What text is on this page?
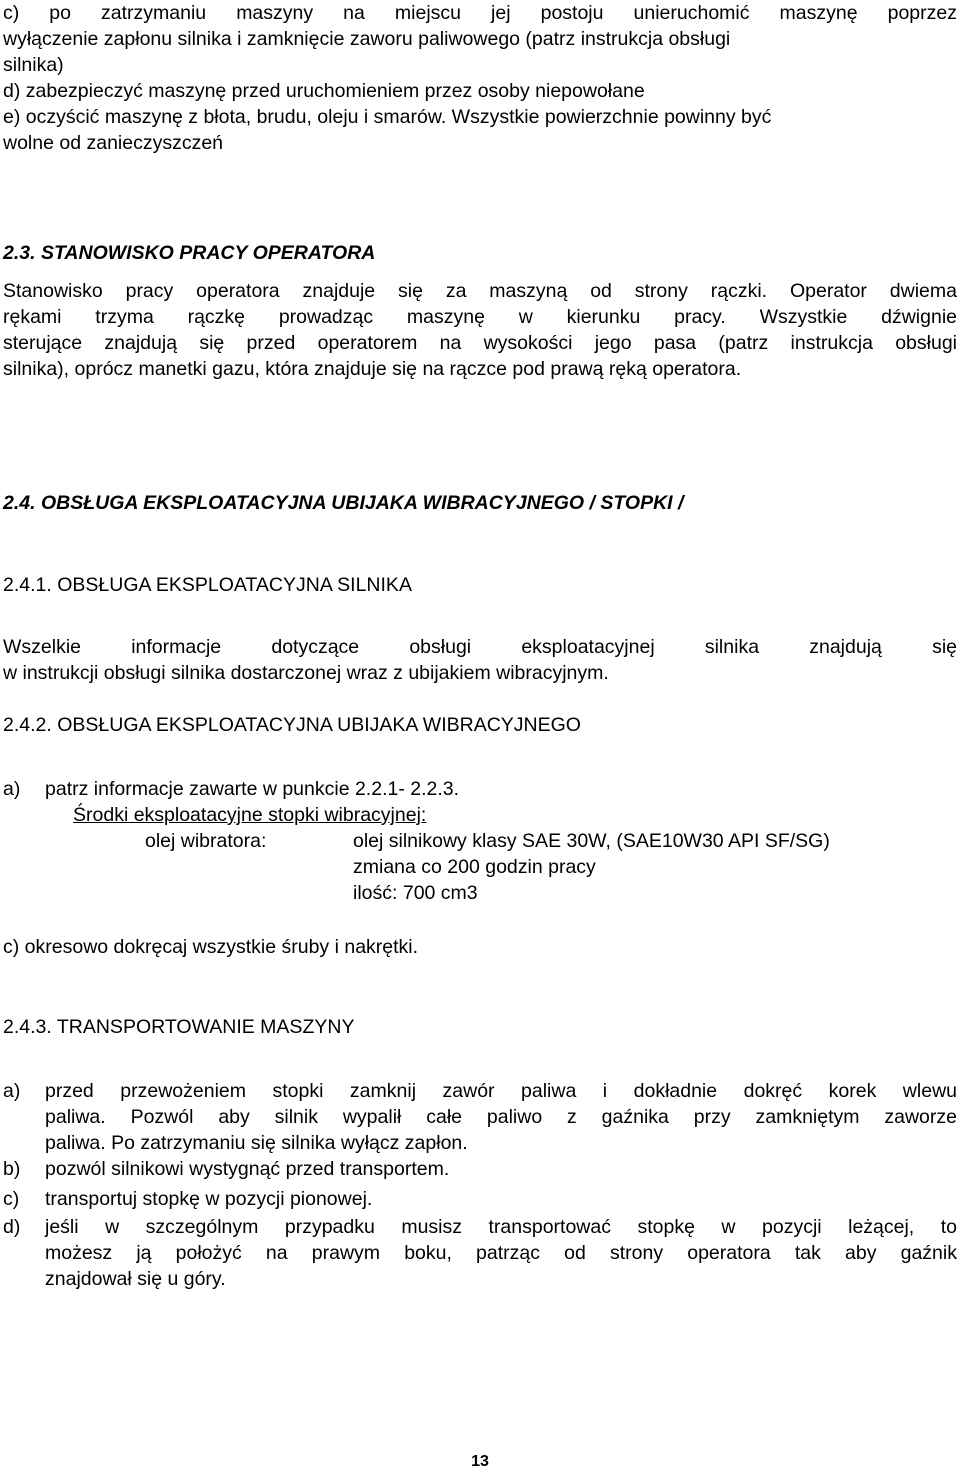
c) po zatrzymaniu maszyny na miejscu jej postoju unieruchomić maszynę poprzez
wyłączenie zapłonu silnika i zamknięcie zaworu paliwowego (patrz instrukcja obsługi
silnika)
d) zabezpieczyć maszynę przed uruchomieniem przez osoby niepowołane
e) oczyścić maszynę z błota, brudu, oleju i smarów. Wszystkie powierzchnie powinny być
wolne od zanieczyszczeń
2.3. STANOWISKO PRACY OPERATORA
Stanowisko pracy operatora znajduje się za maszyną od strony rączki. Operator dwiema
rękami trzyma rączkę prowadząc maszynę w kierunku pracy. Wszystkie dźwignie
sterujące znajdują się przed operatorem na wysokości jego pasa (patrz instrukcja obsługi
silnika), oprócz manetki gazu, która znajduje się na rączce pod prawą ręką operatora.
2.4. OBSŁUGA EKSPLOATACYJNA UBIJAKA WIBRACYJNEGO / STOPKI /
2.4.1. OBSŁUGA EKSPLOATACYJNA SILNIKA
Wszelkie informacje dotyczące obsługi eksploatacyjnej silnika znajdują się
w instrukcji obsługi silnika dostarczonej wraz z ubijakiem wibracyjnym.
2.4.2. OBSŁUGA EKSPLOATACYJNA UBIJAKA WIBRACYJNEGO
a) patrz informacje zawarte w punkcie 2.2.1- 2.2.3.
Środki eksploatacyjne stopki wibracyjnej:
olej wibratora:	olej silnikowy klasy SAE 30W, (SAE10W30 API SF/SG)
zmiana co 200 godzin pracy
ilość: 700 cm3
c) okresowo dokręcaj wszystkie śruby i nakrętki.
2.4.3. TRANSPORTOWANIE MASZYNY
a) przed przewożeniem stopki zamknij zawór paliwa i dokładnie dokręć korek wlewu
paliwa. Pozwól aby silnik wypalił całe paliwo z gaźnika przy zamkniętym zaworze
paliwa. Po zatrzymaniu się silnika wyłącz zapłon.
b) pozwól silnikowi wystygnąć przed transportem.
c) transportuj stopkę w pozycji pionowej.
d) jeśli w szczególnym przypadku musisz transportować stopkę w pozycji leżącej, to
możesz ją położyć na prawym boku, patrząc od strony operatora tak aby gaźnik
znajdował się u góry.
13
